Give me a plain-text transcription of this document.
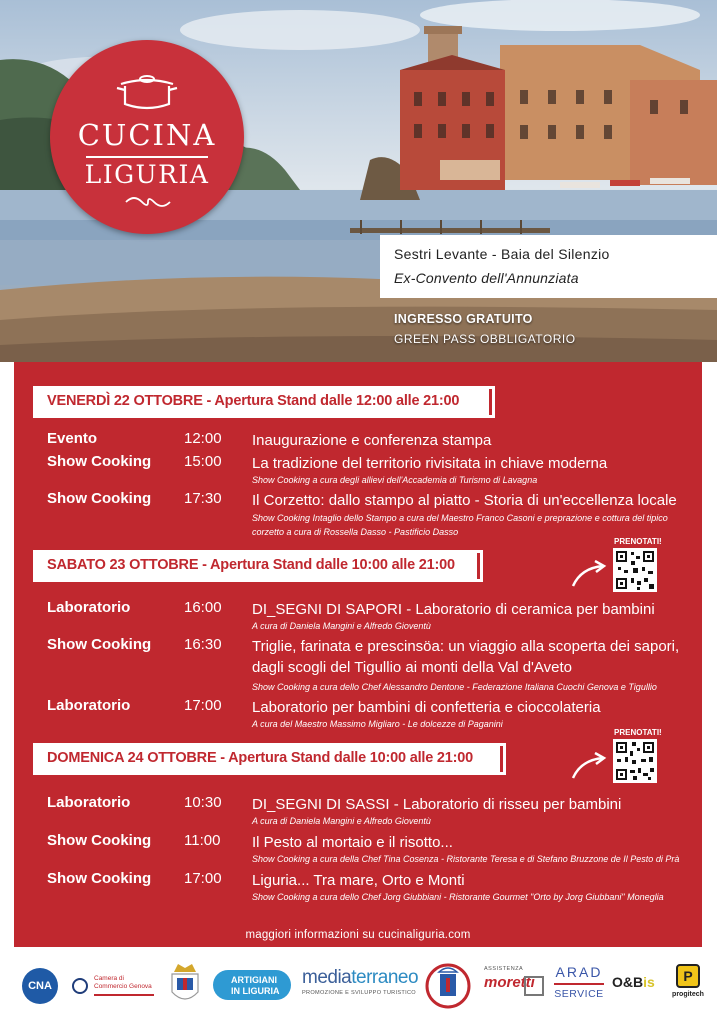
CUCINA
LIGURIA
Sestri Levante - Baia del Silenzio
Ex-Convento dell'Annunziata
INGRESSO GRATUITO
GREEN PASS OBBLIGATORIO
VENERDÌ 22 OTTOBRE - Apertura Stand dalle 12:00 alle 21:00
Evento	12:00 Inaugurazione e conferenza stampa
Show Cooking 15:00 La tradizione del territorio rivisitata in chiave moderna
Show Cooking a cura degli allievi dell'Accademia di Turismo di Lavagna
Show Cooking 17:30 Il Corzetto: dallo stampo al piatto - Storia di un'eccellenza locale
Show Cooking Intaglio dello Stampo a cura del Maestro Franco Casoni e preprazione e cottura del tipico corzetto a cura di Rossella Dasso - Pastificio Dasso
SABATO 23 OTTOBRE - Apertura Stand dalle 10:00 alle 21:00
PRENOTATI!
Laboratorio	16:00 DI_SEGNI DI SAPORI - Laboratorio di ceramica per bambini
A cura di Daniela Mangini e Alfredo Gioventù
Show Cooking 16:30 Triglie, farinata e prescinsöa: un viaggio alla scoperta dei sapori, dagli scogli del Tigullio ai monti della Val d'Aveto
Show Cooking a cura dello Chef Alessandro Dentone - Federazione Italiana Cuochi Genova e Tigullio
Laboratorio	17:00 Laboratorio per bambini di confetteria e cioccolateria
A cura del Maestro Massimo Migliaro - Le dolcezze di Paganini
DOMENICA 24 OTTOBRE - Apertura Stand dalle 10:00 alle 21:00
PRENOTATI!
Laboratorio	10:30 DI_SEGNI DI SASSI - Laboratorio di risseu per bambini
A cura di Daniela Mangini e Alfredo Gioventù
Show Cooking 11:00 Il Pesto al mortaio e il risotto...
Show Cooking a cura della Chef Tina Cosenza - Ristorante Teresa e di Stefano Bruzzone de Il Pesto di Prà
Show Cooking 17:00 Liguria... Tra mare, Orto e Monti
Show Cooking a cura dello Chef Jorg Giubbiani - Ristorante Gourmet "Orto by Jorg Giubbani" Moneglia
maggiori informazioni su cucinaliguria.com
CNA
Camera di Commercio Genova
ARTIGIANI
IN LIGURIA
mediaterraneo
PROMOZIONE E SVILUPPO TURISTICO
ASSISTENZA
moretti
ARAD
SERVICE
O&Bis	P
progitech
